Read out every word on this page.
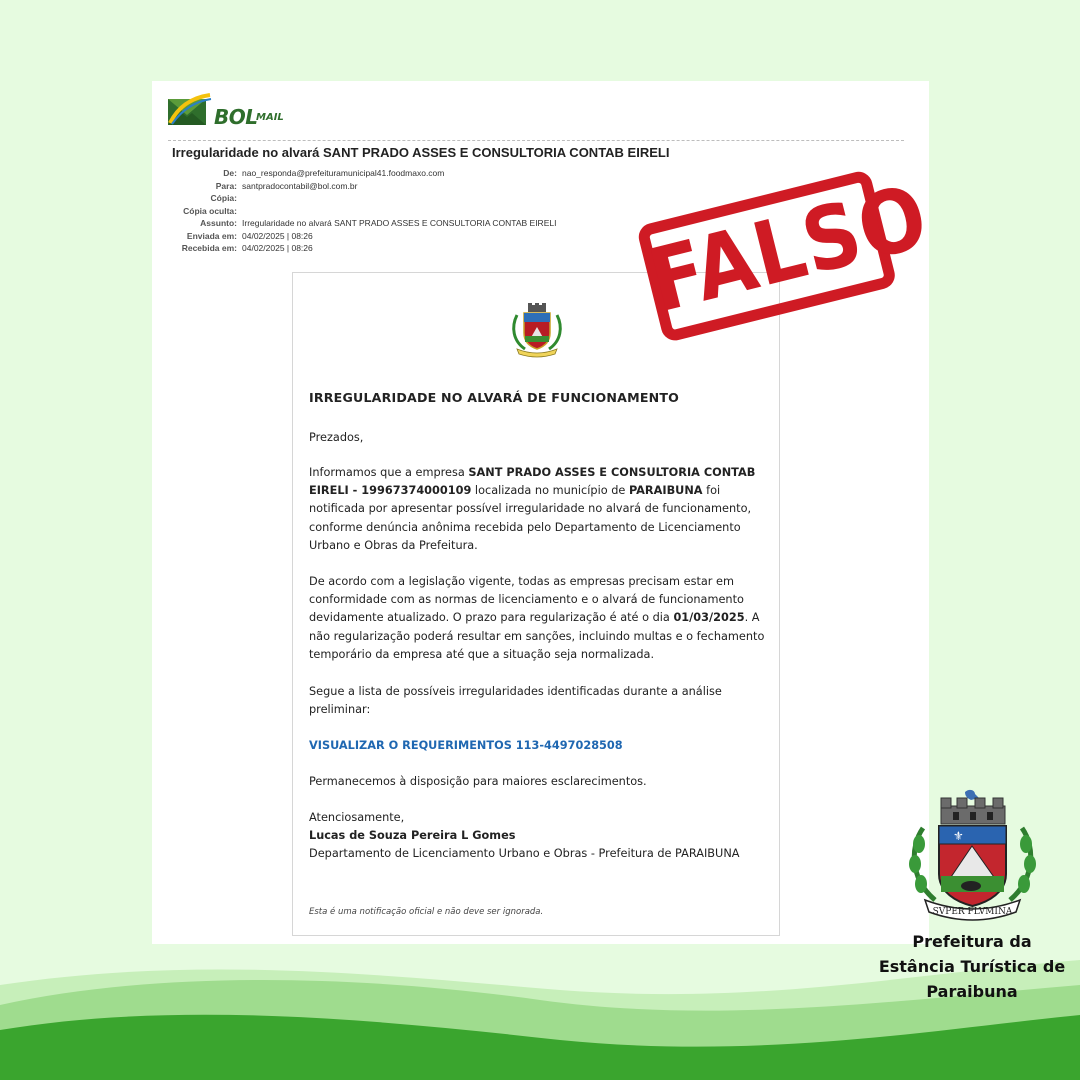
BOL
MAIL
Irregularidade no alvará SANT PRADO ASSES E CONSULTORIA CONTAB EIRELI
De: nao_responda@prefeituramunicipal41.foodmaxo.com
Para: santpradocontabil@bol.com.br
Cópia:
Cópia oculta:
Assunto: Irregularidade no alvará SANT PRADO ASSES E CONSULTORIA CONTAB EIRELI
Enviada em: 04/02/2025 | 08:26
Recebida em: 04/02/2025 | 08:26
IRREGULARIDADE NO ALVARÁ DE FUNCIONAMENTO
Prezados,
Informamos que a empresa SANT PRADO ASSES E CONSULTORIA CONTAB EIRELI - 19967374000109 localizada no município de PARAIBUNA foi notificada por apresentar possível irregularidade no alvará de funcionamento, conforme denúncia anônima recebida pelo Departamento de Licenciamento Urbano e Obras da Prefeitura.
De acordo com a legislação vigente, todas as empresas precisam estar em conformidade com as normas de licenciamento e o alvará de funcionamento devidamente atualizado. O prazo para regularização é até o dia 01/03/2025. A não regularização poderá resultar em sanções, incluindo multas e o fechamento temporário da empresa até que a situação seja normalizada.
Segue a lista de possíveis irregularidades identificadas durante a análise preliminar:
VISUALIZAR O REQUERIMENTOS 113-4497028508
Permanecemos à disposição para maiores esclarecimentos.
Atenciosamente,
Lucas de Souza Pereira L Gomes
Departamento de Licenciamento Urbano e Obras - Prefeitura de PARAIBUNA
Esta é uma notificação oficial e não deve ser ignorada.
FALSO
⚜
SVPER FLVMINA
Prefeitura da
Estância Turística de
Paraibuna
